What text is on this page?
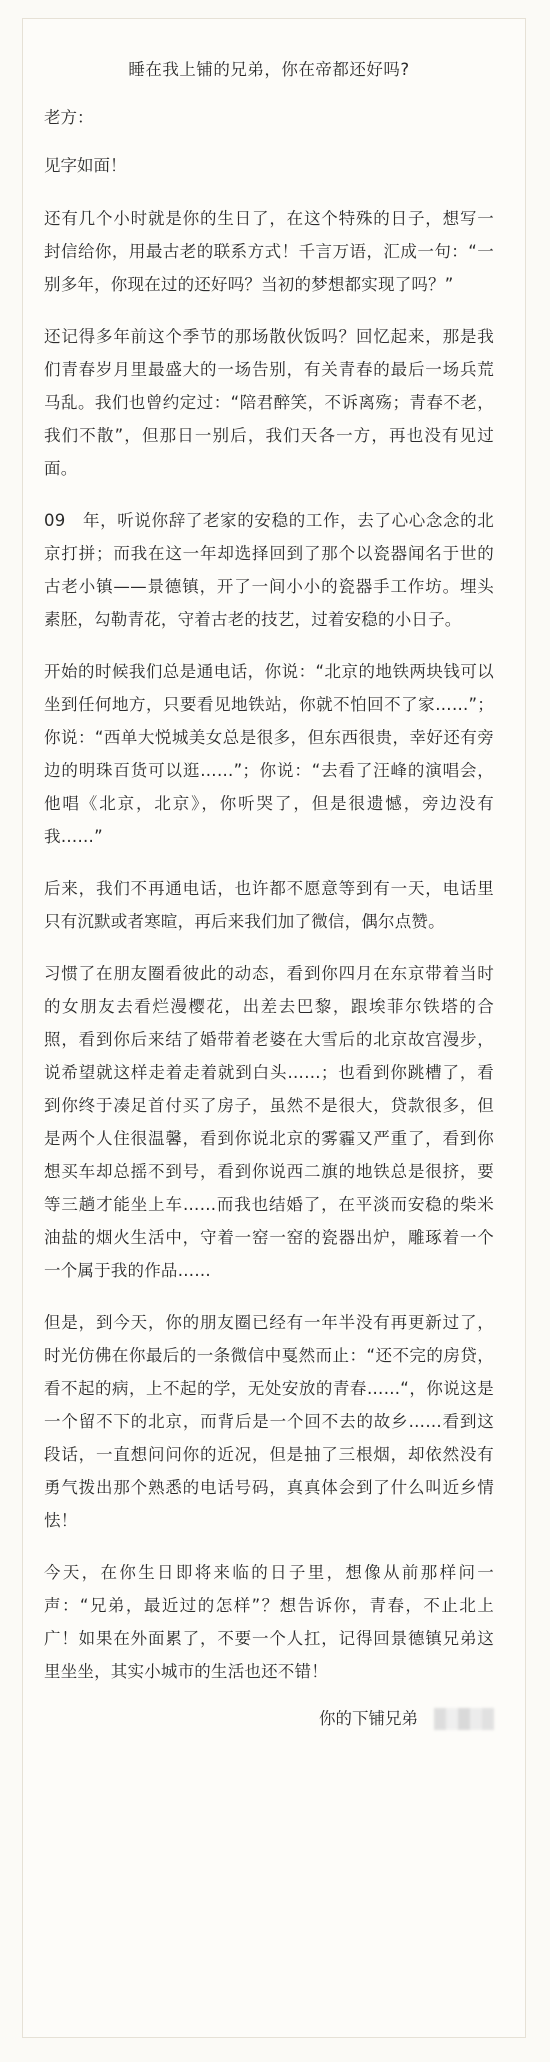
睡在我上铺的兄弟，你在帝都还好吗?
老方：
见字如面！

还有几个小时就是你的生日了，在这个特殊的日子，想写一封信给你，用最古老的联系方式！千言万语，汇成一句：“一别多年，你现在过的还好吗？当初的梦想都实现了吗？”

还记得多年前这个季节的那场散伙饭吗？回忆起来，那是我们青春岁月里最盛大的一场告别，有关青春的最后一场兵荒马乱。我们也曾约定过：“陪君醉笑，不诉离殇；青春不老，我们不散”，但那日一别后，我们天各一方，再也没有见过面。

09　年，听说你辞了老家的安稳的工作，去了心心念念的北京打拼；而我在这一年却选择回到了那个以瓷器闻名于世的古老小镇——景德镇，开了一间小小的瓷器手工作坊。埋头素胚，勾勒青花，守着古老的技艺，过着安稳的小日子。

开始的时候我们总是通电话，你说：“北京的地铁两块钱可以坐到任何地方，只要看见地铁站，你就不怕回不了家……”；你说：“西单大悦城美女总是很多，但东西很贵，幸好还有旁边的明珠百货可以逛……”；你说：“去看了汪峰的演唱会，他唱《北京，北京》，你听哭了，但是很遗憾，旁边没有我……”

后来，我们不再通电话，也许都不愿意等到有一天，电话里只有沉默或者寒暄，再后来我们加了微信，偶尔点赞。

习惯了在朋友圈看彼此的动态，看到你四月在东京带着当时的女朋友去看烂漫樱花，出差去巴黎，跟埃菲尔铁塔的合照，看到你后来结了婚带着老婆在大雪后的北京故宫漫步，说希望就这样走着走着就到白头……；也看到你跳槽了，看到你终于凑足首付买了房子，虽然不是很大，贷款很多，但是两个人住很温馨，看到你说北京的雾霾又严重了，看到你想买车却总摇不到号，看到你说西二旗的地铁总是很挤，要等三趟才能坐上车……而我也结婚了，在平淡而安稳的柴米油盐的烟火生活中，守着一窑一窑的瓷器出炉，雕琢着一个一个属于我的作品……

但是，到今天，你的朋友圈已经有一年半没有再更新过了，时光仿佛在你最后的一条微信中戛然而止：“还不完的房贷，看不起的病，上不起的学，无处安放的青春……“，你说这是一个留不下的北京，而背后是一个回不去的故乡……看到这段话，一直想问问你的近况，但是抽了三根烟，却依然没有勇气拨出那个熟悉的电话号码，真真体会到了什么叫近乡情怯！

今天，在你生日即将来临的日子里，想像从前那样问一声：“兄弟，最近过的怎样”？想告诉你，青春，不止北上广！如果在外面累了，不要一个人扛，记得回景德镇兄弟这里坐坐，其实小城市的生活也还不错！

你的下铺兄弟
